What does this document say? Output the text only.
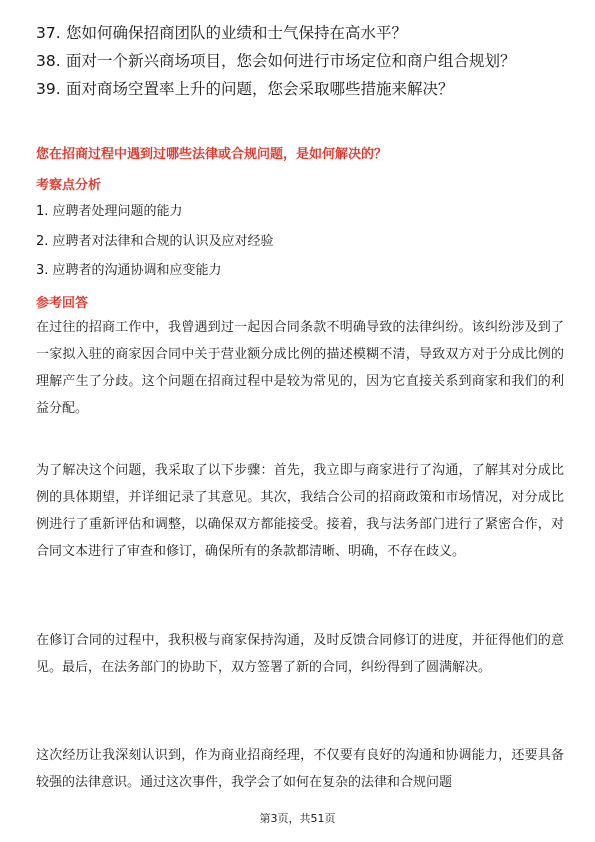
37. 您如何确保招商团队的业绩和士气保持在高水平？
38. 面对一个新兴商场项目，您会如何进行市场定位和商户组合规划？
39. 面对商场空置率上升的问题，您会采取哪些措施来解决？

您在招商过程中遇到过哪些法律或合规问题，是如何解决的？

考察点分析

1. 应聘者处理问题的能力
2. 应聘者对法律和合规的认识及应对经验
3. 应聘者的沟通协调和应变能力

参考回答

在过往的招商工作中，我曾遇到过一起因合同条款不明确导致的法律纠纷。该纠纷涉及到了一家拟入驻的商家因合同中关于营业额分成比例的描述模糊不清，导致双方对于分成比例的理解产生了分歧。这个问题在招商过程中是较为常见的，因为它直接关系到商家和我们的利益分配。

为了解决这个问题，我采取了以下步骤：首先，我立即与商家进行了沟通，了解其对分成比例的具体期望，并详细记录了其意见。其次，我结合公司的招商政策和市场情况，对分成比例进行了重新评估和调整，以确保双方都能接受。接着，我与法务部门进行了紧密合作，对合同文本进行了审查和修订，确保所有的条款都清晰、明确，不存在歧义。

在修订合同的过程中，我积极与商家保持沟通，及时反馈合同修订的进度，并征得他们的意见。最后，在法务部门的协助下，双方签署了新的合同，纠纷得到了圆满解决。

这次经历让我深刻认识到，作为商业招商经理，不仅要有良好的沟通和协调能力，还要具备较强的法律意识。通过这次事件，我学会了如何在复杂的法律和合规问题

第3页，共51页
